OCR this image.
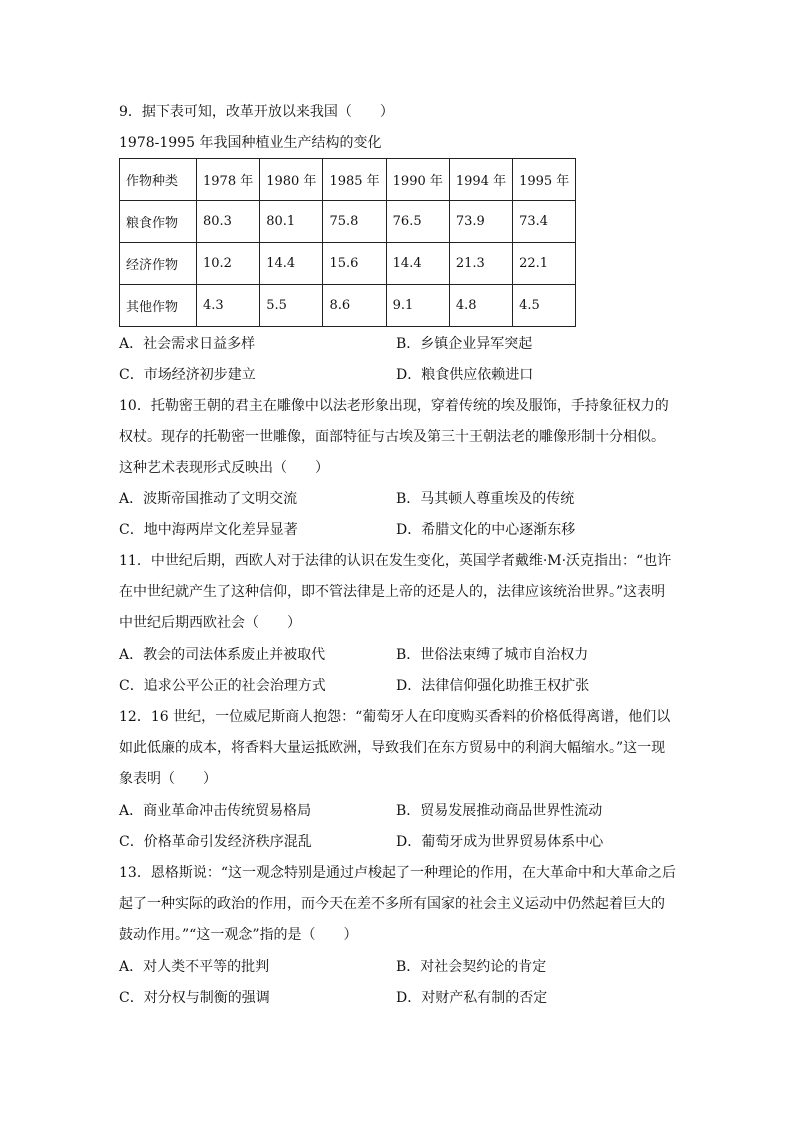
9．据下表可知，改革开放以来我国（　　）
1978-1995 年我国种植业生产结构的变化
作物种类	1978 年	1980 年	1985 年	1990 年	1994 年	1995 年
粮食作物	80.3	80.1	75.8	76.5	73.9	73.4
经济作物	10.2	14.4	15.6	14.4	21.3	22.1
其他作物	4.3	5.5	8.6	9.1	4.8	4.5
A．社会需求日益多样	B．乡镇企业异军突起
C．市场经济初步建立	D．粮食供应依赖进口
10．托勒密王朝的君主在雕像中以法老形象出现，穿着传统的埃及服饰，手持象征权力的
权杖。现存的托勒密一世雕像，面部特征与古埃及第三十王朝法老的雕像形制十分相似。
这种艺术表现形式反映出（　　）
A．波斯帝国推动了文明交流	B．马其顿人尊重埃及的传统
C．地中海两岸文化差异显著	D．希腊文化的中心逐渐东移
11．中世纪后期，西欧人对于法律的认识在发生变化，英国学者戴维·M·沃克指出：“也许
在中世纪就产生了这种信仰，即不管法律是上帝的还是人的，法律应该统治世界。”这表明
中世纪后期西欧社会（　　）
A．教会的司法体系废止并被取代	B．世俗法束缚了城市自治权力
C．追求公平公正的社会治理方式	D．法律信仰强化助推王权扩张
12．16 世纪，一位威尼斯商人抱怨：“葡萄牙人在印度购买香料的价格低得离谱，他们以
如此低廉的成本，将香料大量运抵欧洲，导致我们在东方贸易中的利润大幅缩水。”这一现
象表明（　　）
A．商业革命冲击传统贸易格局	B．贸易发展推动商品世界性流动
C．价格革命引发经济秩序混乱	D．葡萄牙成为世界贸易体系中心
13．恩格斯说：“这一观念特别是通过卢梭起了一种理论的作用，在大革命中和大革命之后
起了一种实际的政治的作用，而今天在差不多所有国家的社会主义运动中仍然起着巨大的
鼓动作用。”“这一观念”指的是（　　）
A．对人类不平等的批判	B．对社会契约论的肯定
C．对分权与制衡的强调	D．对财产私有制的否定
